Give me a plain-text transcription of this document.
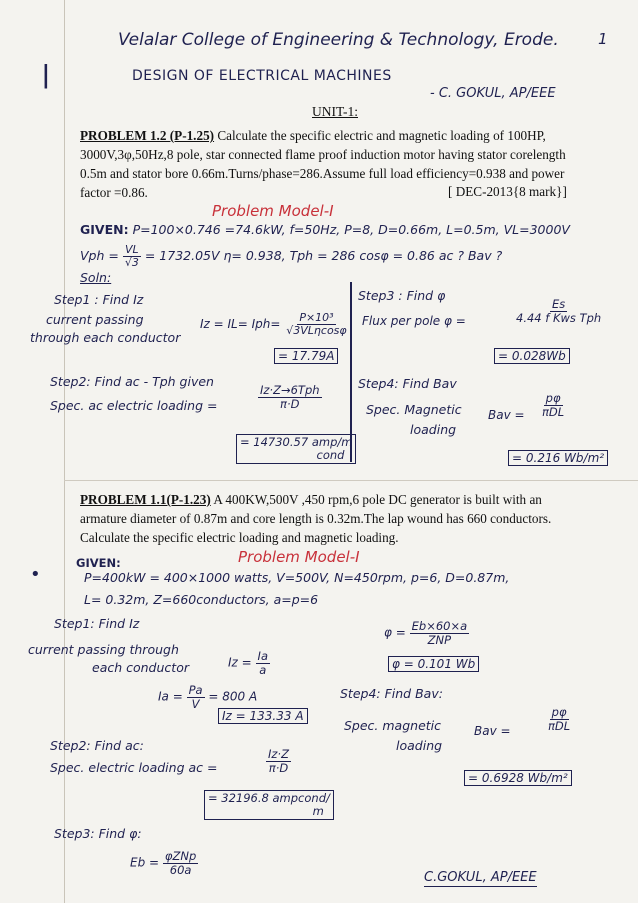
Velalar College of Engineering & Technology, Erode.	1
ǀ	DESIGN OF ELECTRICAL MACHINES
- C. GOKUL, AP/EEE
UNIT-1:
PROBLEM 1.2 (P-1.25) Calculate the specific electric and magnetic loading of 100HP,
3000V,3φ,50Hz,8 pole, star connected flame proof induction motor having stator corelength
0.5m and stator bore 0.66m.Turns/phase=286.Assume full load efficiency=0.938 and power
factor =0.86.	[ DEC-2013{8 mark}]
Problem Model-I
GIVEN: P=100×0.746 =74.6kW, f=50Hz, P=8, D=0.66m, L=0.5m, VL=3000V
Vph = $\frac{VL}{√3} = 1732.05V$ η= 0.938, Tph = 286 cosφ = 0.86 ac ? Bav ?
Soln:
Step1 : Find Iz
current passing
through each conductor
$Iz = IL= Iph= \frac{\text{P×10³}}{\text{√3VLηcosφ}}$
= 17.79A
Step2: Find ac - Tph given
Spec. ac electric loading =	$\frac{\text{Iz·Z→6Tph}}{\pi\cdot D}$
= 14730.57 amp/m
cond
Step3 : Find φ
Flux per pole φ =	$\frac{Es}{\text{4.44 f Kws Tph}}$
= 0.028Wb
Step4: Find Bav
Spec. Magnetic
loading
Bav = $\frac{p\varphi}{\text{πDL}}$
= 0.216 Wb/m²
PROBLEM 1.1(P-1.23) A 400KW,500V ,450 rpm,6 pole DC generator is built with an
armature diameter of 0.87m and core length is 0.32m.The lap wound has 660 conductors.
Calculate the specific electric loading and magnetic loading.
GIVEN:
•
Problem Model-I
P=400kW = 400×1000 watts, V=500V, N=450rpm, p=6, D=0.87m,
L= 0.32m, Z=660conductors, a=p=6
Step1: Find Iz
current passing through
each conductor	$Iz = \frac{Ia}{a}$
$Ia = \frac{Pa}{V} = 800$ A
Iz = 133.33 A
Step2: Find ac:
Spec. electric loading ac =	$\frac{Iz\cdot Z}{\pi\cdot D}$
= 32196.8 ampcond/
m
Step3: Find φ:
$Eb = \frac{\text{φZNp}}{60a}$
$\varphi = \frac{Eb\times 60\times a}{\text{ZNP}}$
φ = 0.101 Wb
Step4: Find Bav:
Spec. magnetic
loading
Bav =	$\frac{p\varphi}{\text{πDL}}$
= 0.6928 Wb/m²
C.GOKUL, AP/EEE
